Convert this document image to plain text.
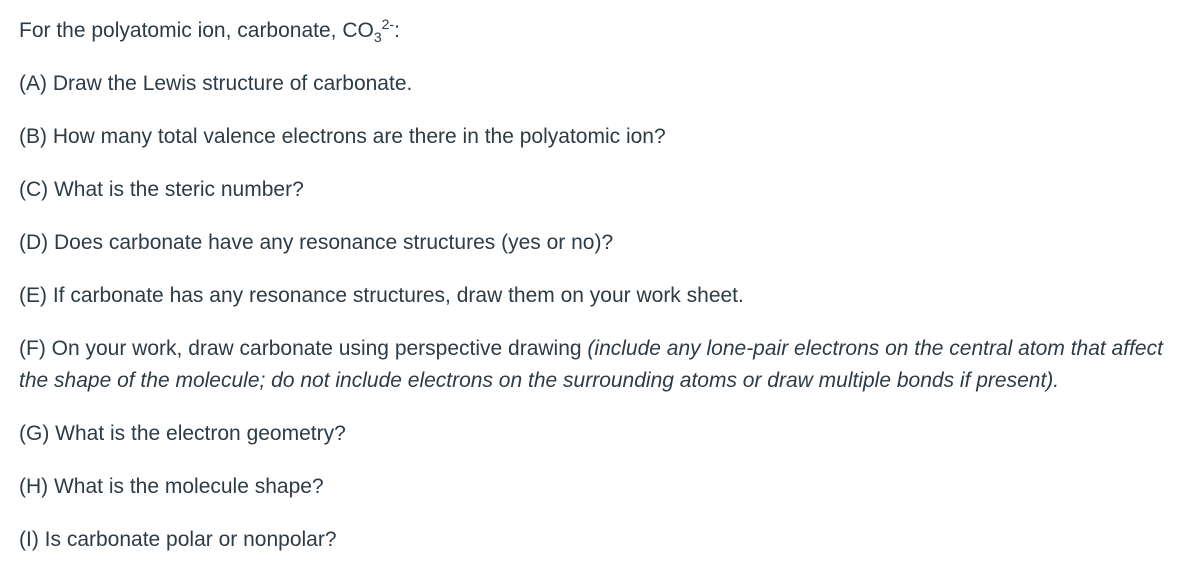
For the polyatomic ion, carbonate, $CO_3^{2-}$:

(A) Draw the Lewis structure of carbonate.

(B) How many total valence electrons are there in the polyatomic ion?

(C) What is the steric number?

(D) Does carbonate have any resonance structures (yes or no)?

(E) If carbonate has any resonance structures, draw them on your work sheet.

(F) On your work, draw carbonate using perspective drawing (include any lone-pair electrons on the central atom that affect the shape of the molecule; do not include electrons on the surrounding atoms or draw multiple bonds if present).

(G) What is the electron geometry?

(H) What is the molecule shape?

(I) Is carbonate polar or nonpolar?
